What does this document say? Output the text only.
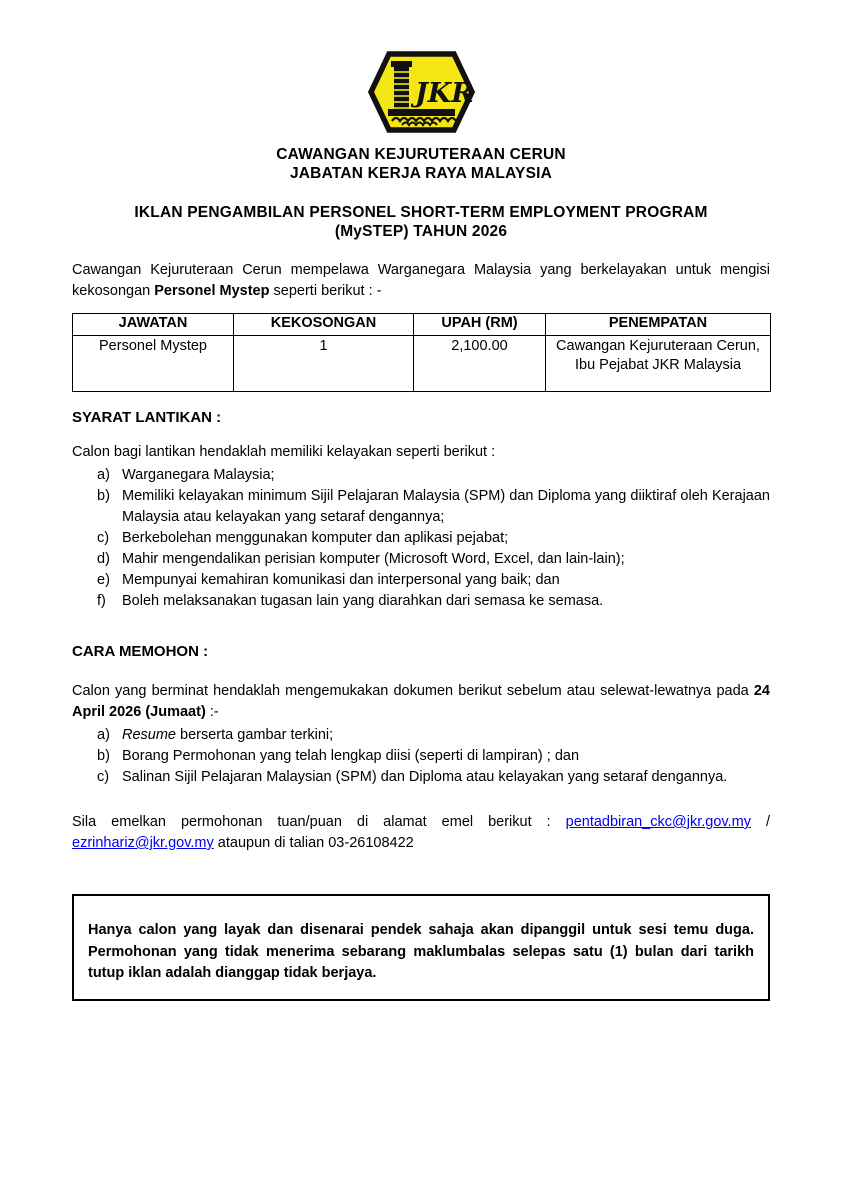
JKR
CAWANGAN KEJURUTERAAN CERUN
JABATAN KERJA RAYA MALAYSIA
IKLAN PENGAMBILAN PERSONEL SHORT-TERM EMPLOYMENT PROGRAM
(MySTEP) TAHUN 2026

Cawangan Kejuruteraan Cerun mempelawa Warganegara Malaysia yang berkelayakan untuk mengisi kekosongan Personel Mystep seperti berikut : -

JAWATAN	KEKOSONGAN	UPAH (RM)	PENEMPATAN
Personel Mystep	1	2,100.00	Cawangan Kejuruteraan Cerun, Ibu Pejabat JKR Malaysia
SYARAT LANTIKAN :

Calon bagi lantikan hendaklah memiliki kelayakan seperti berikut :

a) Warganegara Malaysia;
b) Memiliki kelayakan minimum Sijil Pelajaran Malaysia (SPM) dan Diploma yang diiktiraf oleh Kerajaan Malaysia atau kelayakan yang setaraf dengannya;
c) Berkebolehan menggunakan komputer dan aplikasi pejabat;
d) Mahir mengendalikan perisian komputer (Microsoft Word, Excel, dan lain-lain);
e) Mempunyai kemahiran komunikasi dan interpersonal yang baik; dan
f)	Boleh melaksanakan tugasan lain yang diarahkan dari semasa ke semasa.
CARA MEMOHON :

Calon yang berminat hendaklah mengemukakan dokumen berikut sebelum atau selewat-lewatnya pada 24 April 2026 (Jumaat) :-

a) Resume berserta gambar terkini;
b) Borang Permohonan yang telah lengkap diisi (seperti di lampiran) ; dan
c) Salinan Sijil Pelajaran Malaysian (SPM) dan Diploma atau kelayakan yang setaraf dengannya.

Sila emelkan permohonan tuan/puan di alamat emel berikut : pentadbiran_ckc@jkr.gov.my / ezrinhariz@jkr.gov.my ataupun di talian 03-26108422

Hanya calon yang layak dan disenarai pendek sahaja akan dipanggil untuk sesi temu duga. Permohonan yang tidak menerima sebarang maklumbalas selepas satu (1) bulan dari tarikh tutup iklan adalah dianggap tidak berjaya.
